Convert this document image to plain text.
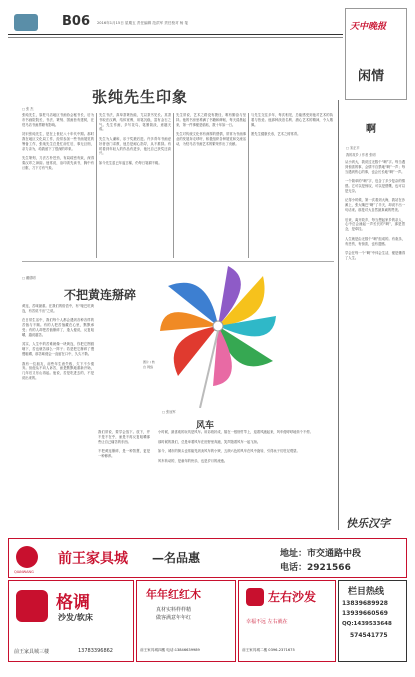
B06 2016年1月15日 星期五 责任编辑 范洪军 责任校对 杨 斐	天中晚报
闲情
张纯先生印象
□ 张 杰
张纯先生，原驻马店地区书画协会秘书长，后为市书画院院长，书法、篆刻、国画皆有建树，在驻马店书画界颇有影响。

初识张纯先生，是在上世纪八十年代中期。那时我在地区文化局工作，经常参加一些书画展览的筹备工作，张纯先生总是忙前忙后，事无巨细，亲力亲为，给我留下了很深的印象。

先生篆刻，刀法古朴苍劲，布局疏密有致，深得秦汉印之神韵。他常说，治印须先读书，胸中有丘壑，刀下方有气象。
先生书法，真草隶篆皆能，尤以隶书见长。其隶书取法汉碑，结体宽博，用笔沉稳，富有金石之气。先生作画，多写花鸟，笔墨简淡，意趣天成。

先生为人谦和，乐于奖掖后进。许多青年书画爱好者登门求教，他总是耐心指导，从不推辞。有时看到年轻人的作品有进步，他比自己获奖还高兴。

如今先生虽已年逾古稀，仍每日笔耕不辍。
先生常说，艺术之路没有捷径，唯有勤奋与坚持。他的书房里堆满了书籍和碑帖，每天清晨起来，第一件事便是临帖，数十年如一日。

先生对传统文化怀有深厚的感情，常常为书画事业的发展奔走呼吁，积极组织各种展览和交流活动，为驻马店书画艺术的繁荣作出了贡献。
与先生交往多年，每次相见，总能感受到他对艺术的执着与热爱。他那种淡泊名利、潜心艺术的精神，令人敬佩。

愿先生健康长寿，艺术之树常青。
□ 戴德明
不把黄连掰碎
黄连，苦味最重。在我们的俗语中，有“哑巴吃黄连，有苦说不出”之说。

在日常生活中，我们每个人都会遇到各种各样的苦恼与不顺。有的人把苦恼藏在心里，默默承受；有的人却把苦恼掰碎了，逢人便说，反复咀嚼，越说越苦。

其实，人生中的苦难就像一块黄连，你把它囫囵咽下，苦也就苦那么一阵子；若是把它掰碎了慢慢咀嚼，那苦味便会一直留在口中，久久不散。

我有一位朋友，前些年生意失败，欠下不少债务。但他从不向人诉苦，而是默默地重新开始，几年后又东山再起。他说，苦是吃进去的，不是说出来的。
我们常说，要学会放下。放下，并不是不在乎，而是不再反复咀嚼那些让自己痛苦的东西。

不把黄连掰碎，是一种智慧，更是一种修养。
图片 / 转自 网络
□ 张冠军
风车
小时候，最喜欢的玩具是风车。用彩纸折成，插在一根细竹竿上，迎着风跑起来，风车便呼呼地转个不停。

那时候的我们，总是举着风车在田野里奔跑，笑声随着风车一起飞扬。

如今，城市的街头也常能见到卖风车的小贩，五颜六色的风车在风中旋转，引得孩子们驻足观望。

风车转动的，是童年的快乐，也是岁月的流逝。
啊
□ 宋正平
我的故乡 / 作者 张明
从小到大，我说过无数个“啊”字。每当遇到惊喜的事，会情不自禁地“啊”一声；每当遇到伤心的事，也会长长地“啊”一声。

一个简单的“啊”字，包含了多少复杂的情感。它可以是惊叹，可以是感慨，也可以是无奈。

记得小时候，第一次看到大海，我站在沙滩上，张大嘴巴“啊”了半天，却说不出一句话来。那是对大自然最真诚的赞美。

后来，离开故乡，每当想起家乡的亲人，心中总会涌起一声长长的“啊”，那是思念，是牵挂。

人生就是由无数个“啊”组成的。有欢乐，有悲伤，有惊喜，也有遗憾。

学会在每一个“啊”中体会生活，便是懂得了人生。
快乐汉字
QIANWANG
前王家具城 —名品惠	地址：市交通路中段
电话：2921566
格调
沙发/软床
前王家具城三楼	13783396862
年年红红木
真材实料样样精
做客满意年年红
前王家具城四楼 电话:13846639989
左右沙发
幸福不远 左右就在
前王家具城二楼 0396-2371675
栏目热线
13839689928
13939660569
QQ:1439533648
574541775
